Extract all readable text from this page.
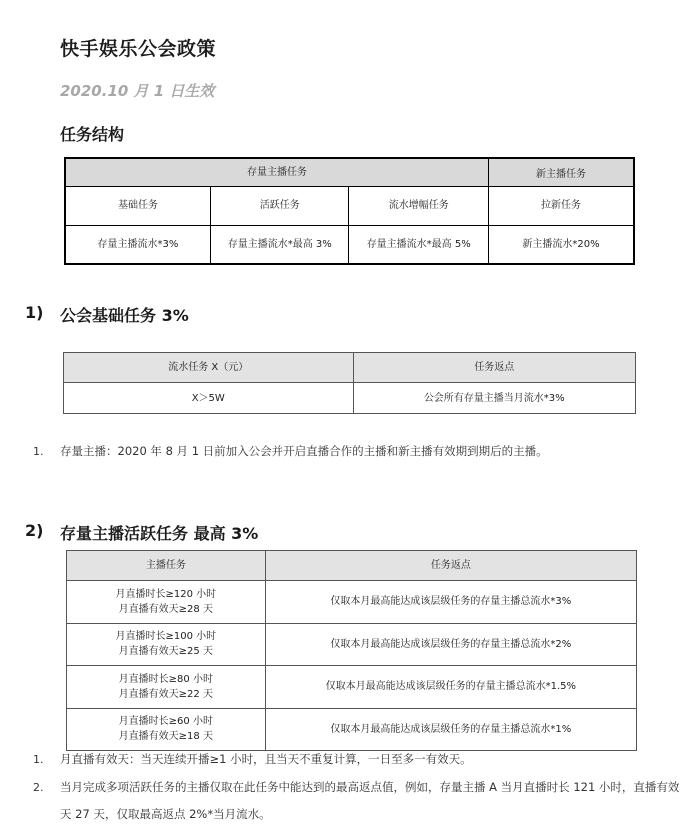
快手娱乐公会政策
2020.10 月 1 日生效
任务结构
存量主播任务			新主播任务
基础任务	活跃任务	流水增幅任务	拉新任务
存量主播流水*3%	存量主播流水*最高 3%	存量主播流水*最高 5%	新主播流水*20%
1) 公会基础任务 3%
流水任务 X（元）	任务返点
X＞5W	公会所有存量主播当月流水*3%
1. 存量主播：2020 年 8 月 1 日前加入公会并开启直播合作的主播和新主播有效期到期后的主播。
2) 存量主播活跃任务 最高 3%
主播任务	任务返点

月直播时长≥120 小时
月直播有效天≥28 天	仅取本月最高能达成该层级任务的存量主播总流水*3%

月直播时长≥100 小时
月直播有效天≥25 天	仅取本月最高能达成该层级任务的存量主播总流水*2%

月直播时长≥80 小时
月直播有效天≥22 天	仅取本月最高能达成该层级任务的存量主播总流水*1.5%

月直播时长≥60 小时
月直播有效天≥18 天	仅取本月最高能达成该层级任务的存量主播总流水*1%
1. 月直播有效天：当天连续开播≥1 小时，且当天不重复计算，一日至多一有效天。
2. 当月完成多项活跃任务的主播仅取在此任务中能达到的最高返点值，例如，存量主播 A 当月直播时长 121 小时，直播有效天 27 天，仅取最高返点 2%*当月流水。
